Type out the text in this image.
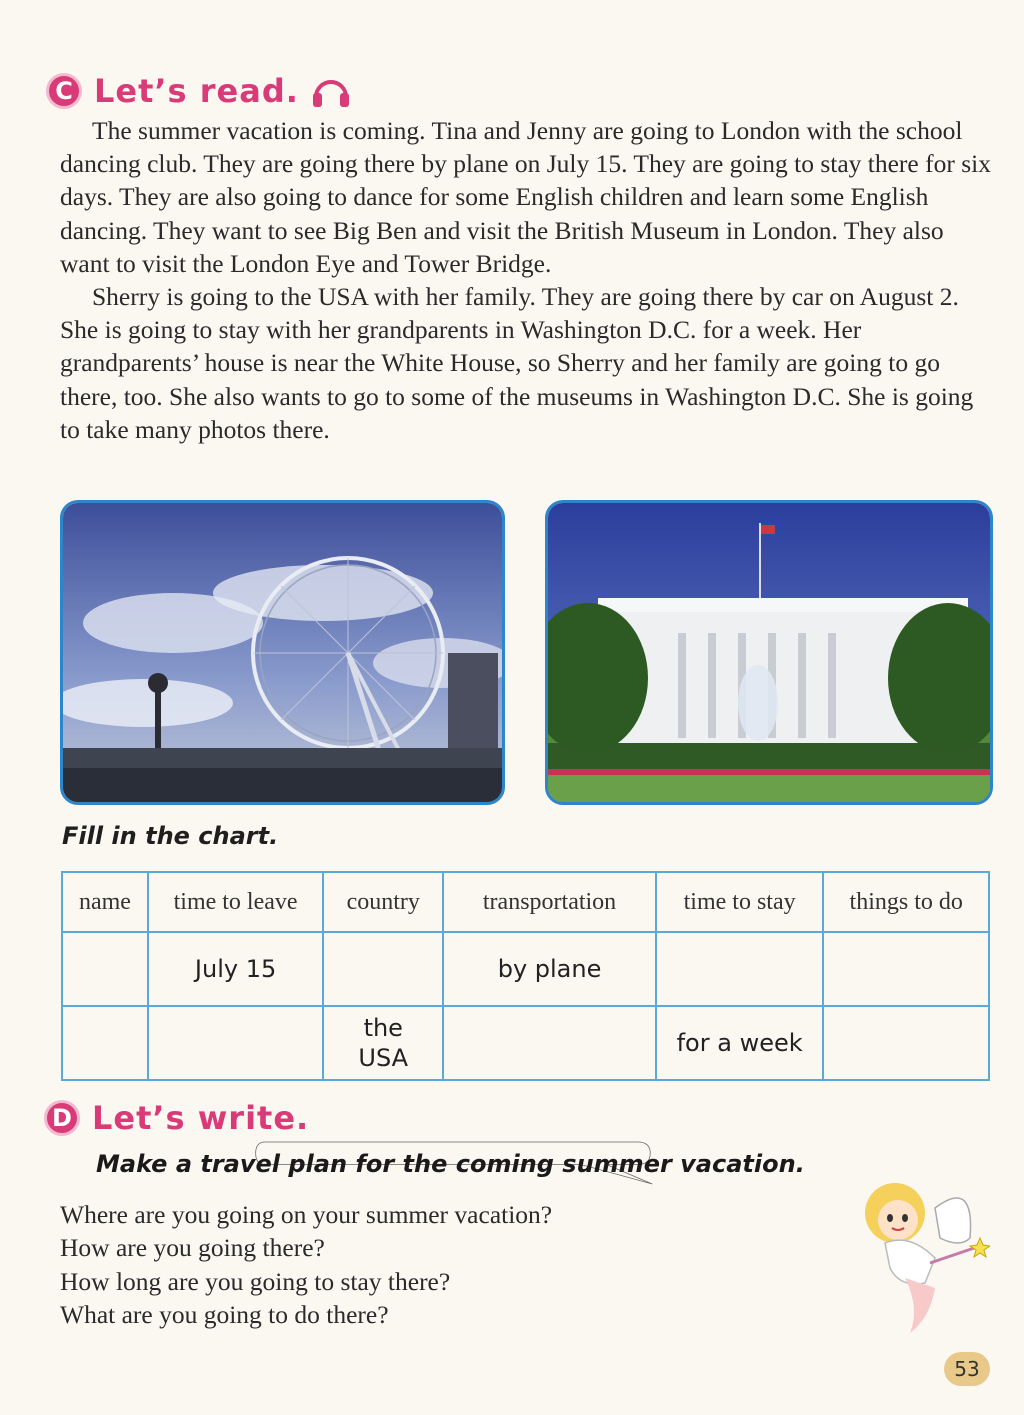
C Let’s read.

The summer vacation is coming. Tina and Jenny are going to London with the school dancing club. They are going there by plane on July 15. They are going to stay there for six days. They are also going to dance for some English children and learn some English dancing. They want to see Big Ben and visit the British Museum in London. They also want to visit the London Eye and Tower Bridge.

Sherry is going to the USA with her family. They are going there by car on August 2. She is going to stay with her grandparents in Washington D.C. for a week. Her grandparents’ house is near the White House, so Sherry and her family are going to go there, too. She also wants to go to some of the museums in Washington D.C. She is going to take many photos there.

Fill in the chart.
name	time to leave	country	transportation	time to stay	things to do
	July 15		by plane		
		the USA		for a week	
D Let’s write.
Make a travel plan for the coming summer vacation.
Where are you going on your summer vacation?
How are you going there?
How long are you going to stay there?
What are you going to do there?
53
